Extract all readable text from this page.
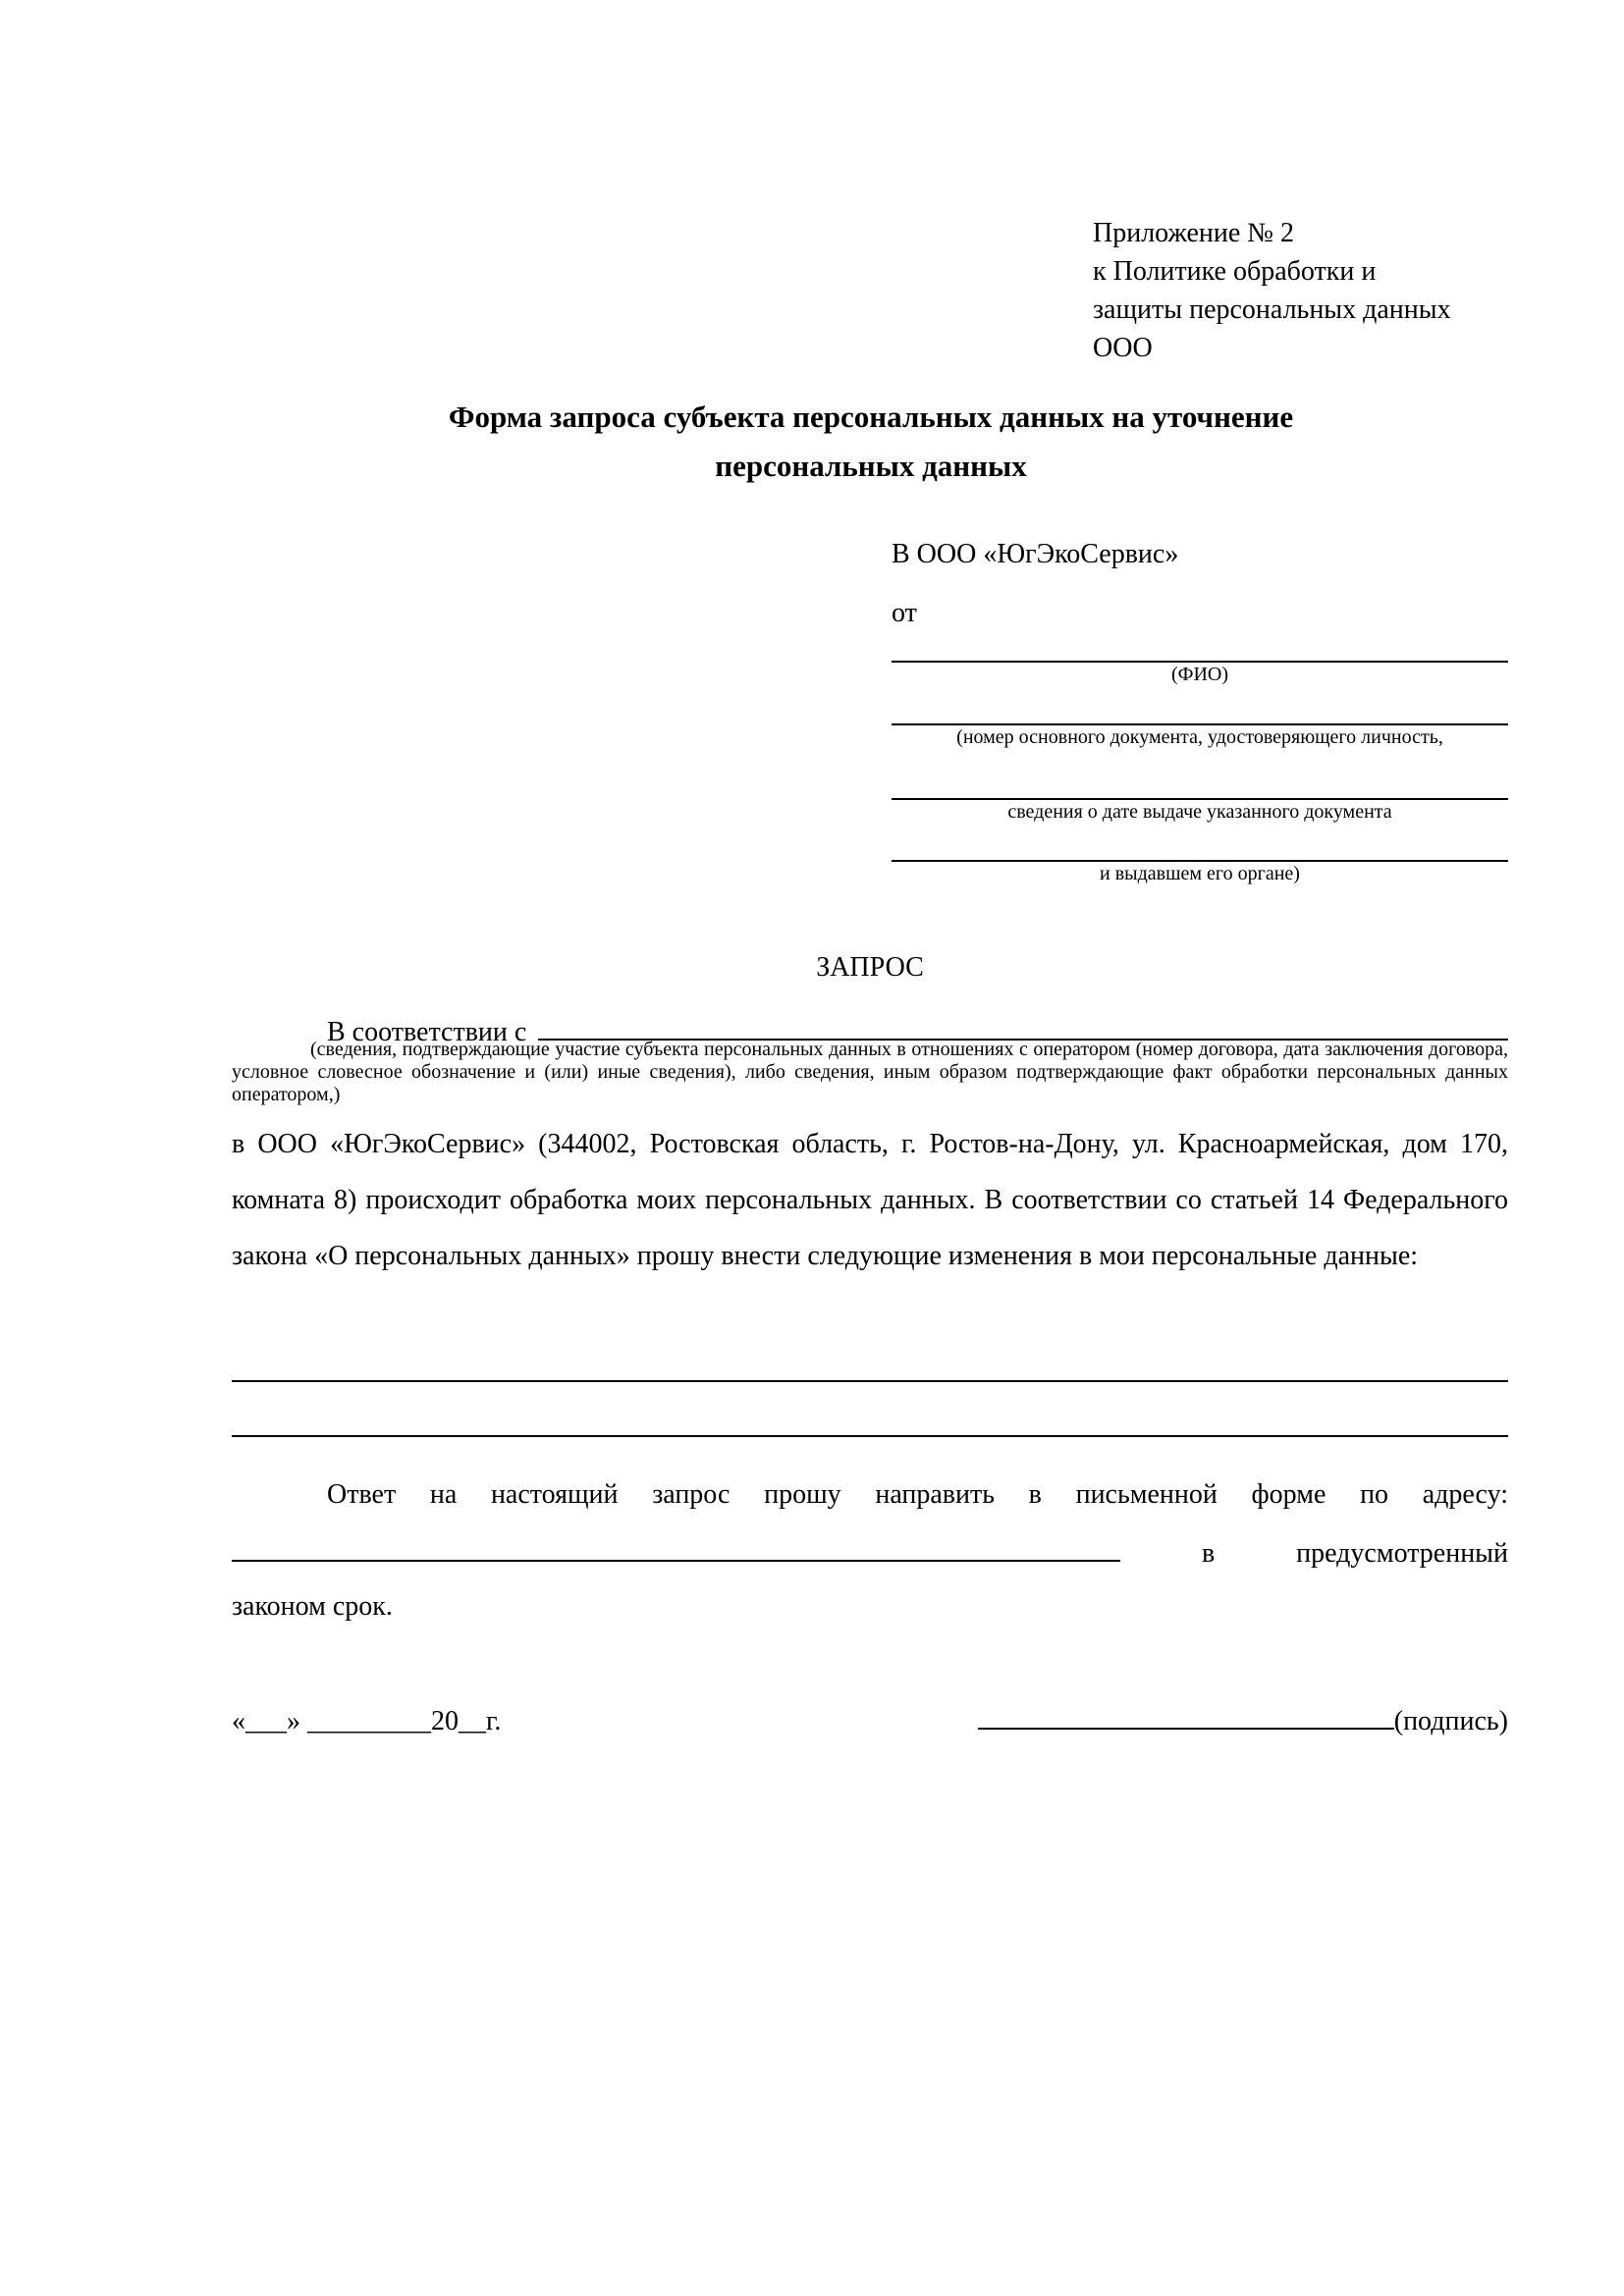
Приложение № 2
к Политике обработки и
защиты персональных данных
ООО
Форма запроса субъекта персональных данных на уточнение
персональных данных
В ООО «ЮгЭкоСервис»
от
(ФИО)
(номер основного документа, удостоверяющего личность,
сведения о дате выдаче указанного документа
и выдавшем его органе)
ЗАПРОС
В соответствии с
(сведения, подтверждающие участие субъекта персональных данных в отношениях с оператором (номер договора, дата заключения договора, условное словесное обозначение и (или) иные сведения), либо сведения, иным образом подтверждающие факт обработки персональных данных оператором,)
в ООО «ЮгЭкоСервис» (344002, Ростовская область, г. Ростов-на-Дону, ул. Красноармейская, дом 170, комната 8) происходит обработка моих персональных данных. В соответствии со статьей 14 Федерального закона «О персональных данных» прошу внести следующие изменения в мои персональные данные:
Ответ на настоящий запрос прошу направить в письменной форме по адресу:
в	предусмотренный
законом срок.
«___» _________20__г.	(подпись)
